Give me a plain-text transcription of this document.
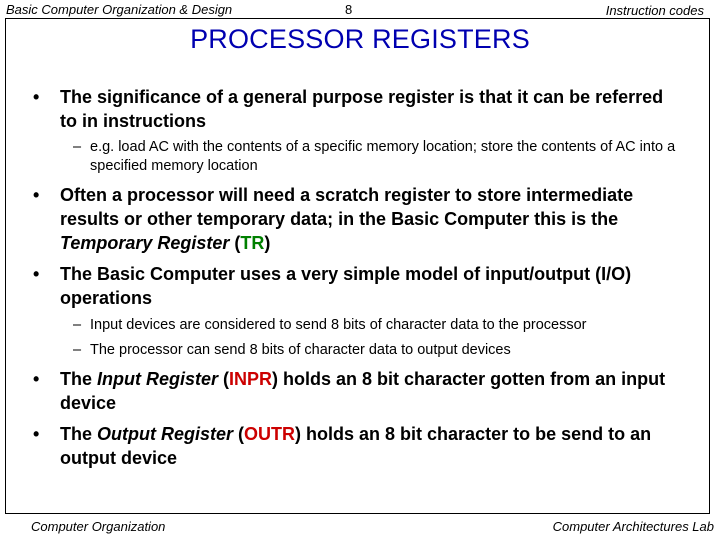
Basic Computer Organization & Design	8	Instruction codes
PROCESSOR REGISTERS
• The significance of a general purpose register is that it can be referred to in instructions
– e.g. load AC with the contents of a specific memory location; store the contents of AC into a specified memory location
• Often a processor will need a scratch register to store intermediate results or other temporary data; in the Basic Computer this is the Temporary Register (TR)
• The Basic Computer uses a very simple model of input/output (I/O) operations
– Input devices are considered to send 8 bits of character data to the processor
– The processor can send 8 bits of character data to output devices
• The Input Register (INPR) holds an 8 bit character gotten from an input device
• The Output Register (OUTR) holds an 8 bit character to be send to an output device
Computer Organization	Computer Architectures Lab
